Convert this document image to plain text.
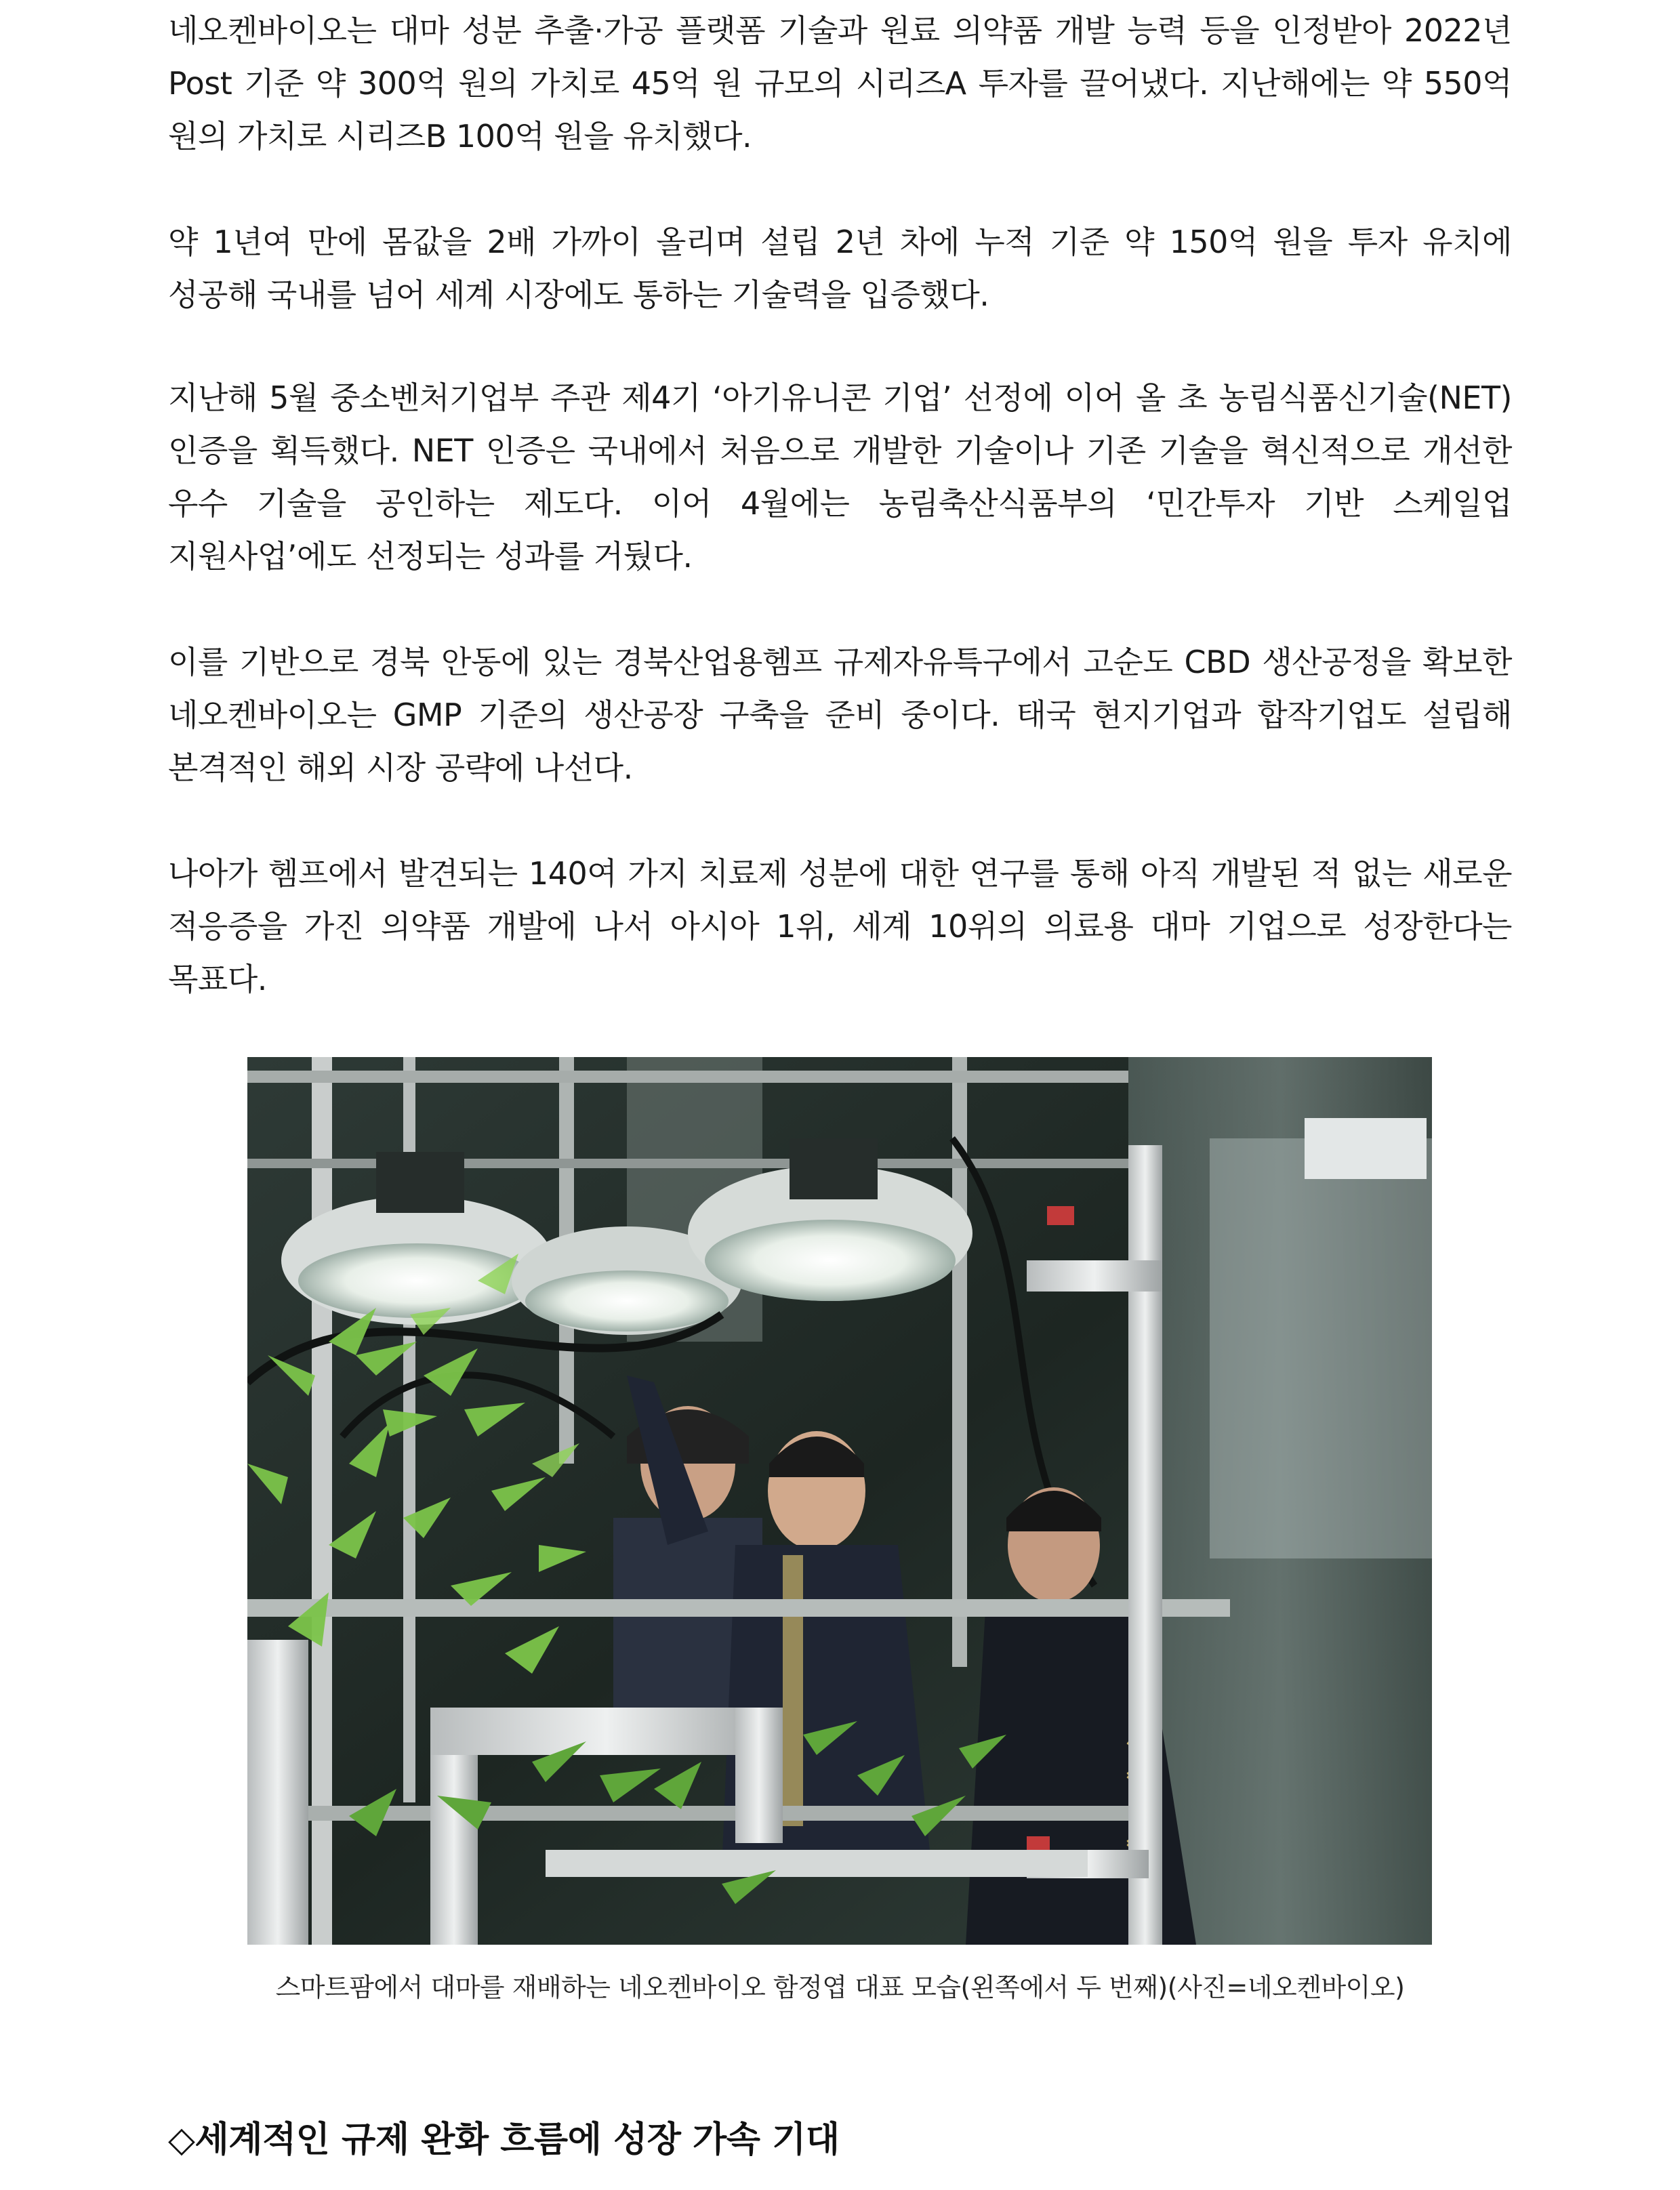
네오켄바이오는 대마 성분 추출·가공 플랫폼 기술과 원료 의약품 개발 능력 등을 인정받아 2022년 Post 기준 약 300억 원의 가치로 45억 원 규모의 시리즈A 투자를 끌어냈다. 지난해에는 약 550억 원의 가치로 시리즈B 100억 원을 유치했다.

약 1년여 만에 몸값을 2배 가까이 올리며 설립 2년 차에 누적 기준 약 150억 원을 투자 유치에 성공해 국내를 넘어 세계 시장에도 통하는 기술력을 입증했다.

지난해 5월 중소벤처기업부 주관 제4기 ‘아기유니콘 기업’ 선정에 이어 올 초 농림식품신기술(NET) 인증을 획득했다. NET 인증은 국내에서 처음으로 개발한 기술이나 기존 기술을 혁신적으로 개선한 우수 기술을 공인하는 제도다. 이어 4월에는 농림축산식품부의 ‘민간투자 기반 스케일업 지원사업’에도 선정되는 성과를 거뒀다.

이를 기반으로 경북 안동에 있는 경북산업용헴프 규제자유특구에서 고순도 CBD 생산공정을 확보한 네오켄바이오는 GMP 기준의 생산공장 구축을 준비 중이다. 태국 현지기업과 합작기업도 설립해 본격적인 해외 시장 공략에 나선다.

나아가 헴프에서 발견되는 140여 가지 치료제 성분에 대한 연구를 통해 아직 개발된 적 없는 새로운 적응증을 가진 의약품 개발에 나서 아시아 1위, 세계 10위의 의료용 대마 기업으로 성장한다는 목표다.

스마트팜에서 대마를 재배하는 네오켄바이오 함정엽 대표 모습(왼쪽에서 두 번째)(사진=네오켄바이오)
◇세계적인 규제 완화 흐름에 성장 가속 기대
